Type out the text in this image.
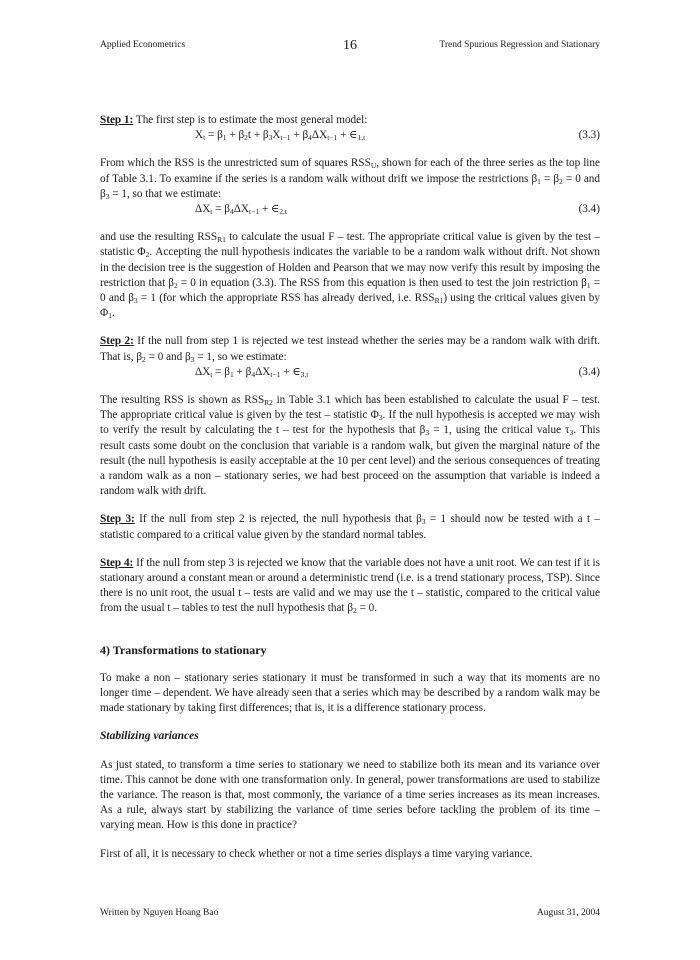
Applied Econometrics	16	Trend Spurious Regression and Stationary

Step 1: The first step is to estimate the most general model:

$X_t = \beta_1 + \beta_2t + \beta_3X_{t-1} + \beta_4\Delta X_{t-1}$ + $\in_{1,t}$	(3.3)

From which the RSS is the unrestricted sum of squares $RSS_U$, shown for each of the three series as the top line of Table 3.1. To examine if the series is a random walk without drift we impose the restrictions $\beta_1 = \beta_2 = 0$ and $\beta_3 = 1$, so that we estimate:

$\Delta X_t = \beta_4\Delta X_{t-1}$ + $\in_{2,t}$	(3.4)

and use the resulting $RSS_{R1}$ to calculate the usual F – test. The appropriate critical value is given by the test – statistic $\Phi_2$. Accepting the null hypothesis indicates the variable to be a random walk without drift. Not shown in the decision tree is the suggestion of Holden and Pearson that we may now verify this result by imposing the restriction that $\beta_2 = 0$ in equation (3.3). The RSS from this equation is then used to test the join restriction $\beta_1 = 0$ and $\beta_3 = 1$ (for which the appropriate RSS has already derived, i.e. $RSS_{R1}$) using the critical values given by $\Phi_1$.

Step 2: If the null from step 1 is rejected we test instead whether the series may be a random walk with drift. That is, $\beta_2 = 0$ and $\beta_3 = 1$, so we estimate:

$\Delta X_t = \beta_1 + \beta_4\Delta X_{t-1}$ + $\in_{3,t}$	(3.4)

The resulting RSS is shown as $RSS_{R2}$ in Table 3.1 which has been established to calculate the usual F – test. The appropriate critical value is given by the test – statistic $\Phi_3$. If the null hypothesis is accepted we may wish to verify the result by calculating the t – test for the hypothesis that $\beta_3 = 1$, using the critical value $\tau_3$. This result casts some doubt on the conclusion that variable is a random walk, but given the marginal nature of the result (the null hypothesis is easily acceptable at the 10 per cent level) and the serious consequences of treating a random walk as a non – stationary series, we had best proceed on the assumption that variable is indeed a random walk with drift.

Step 3: If the null from step 2 is rejected, the null hypothesis that $\beta_3 = 1$ should now be tested with a t – statistic compared to a critical value given by the standard normal tables.

Step 4: If the null from step 3 is rejected we know that the variable does not have a unit root. We can test if it is stationary around a constant mean or around a deterministic trend (i.e. is a trend stationary process, TSP). Since there is no unit root, the usual t – tests are valid and we may use the t – statistic, compared to the critical value from the usual t – tables to test the null hypothesis that $\beta_2 = 0$.

4) Transformations to stationary

To make a non – stationary series stationary it must be transformed in such a way that its moments are no longer time – dependent. We have already seen that a series which may be described by a random walk may be made stationary by taking first differences; that is, it is a difference stationary process.

Stabilizing variances

As just stated, to transform a time series to stationary we need to stabilize both its mean and its variance over time. This cannot be done with one transformation only. In general, power transformations are used to stabilize the variance. The reason is that, most commonly, the variance of a time series increases as its mean increases. As a rule, always start by stabilizing the variance of time series before tackling the problem of its time – varying mean. How is this done in practice?

First of all, it is necessary to check whether or not a time series displays a time varying variance.

Written by Nguyen Hoang Bao	August 31, 2004
